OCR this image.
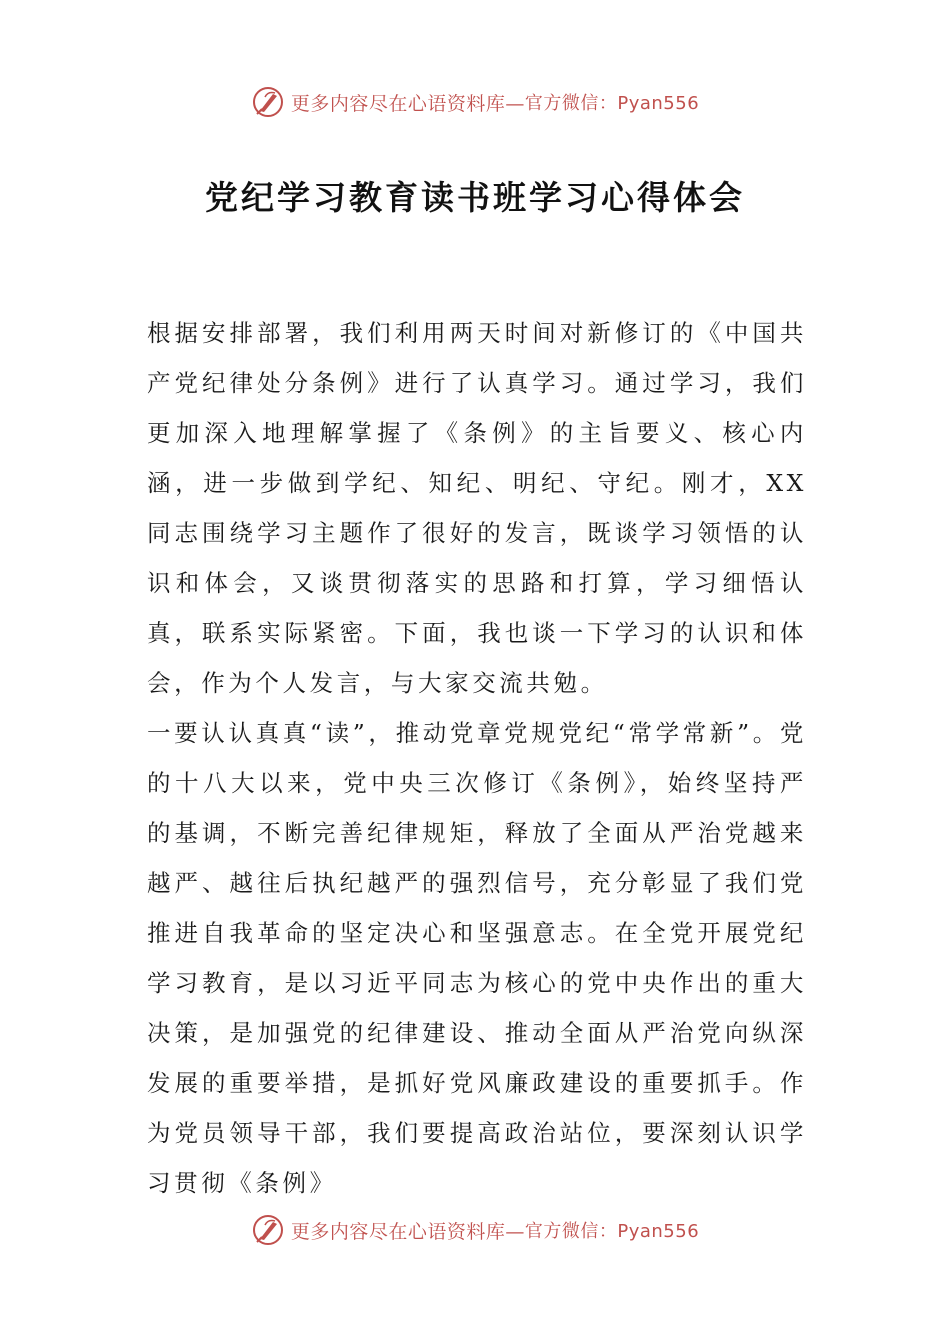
更多内容尽在心语资料库— 官方微信：Pyan556
党纪学习教育读书班学习心得体会

根据安排部署，我们利用两天时间对新修订的《中国共产党纪律处分条例》进行了认真学习。通过学习，我们更加深入地理解掌握了《条例》的主旨要义、核心内涵，进一步做到学纪、知纪、明纪、守纪。刚才，XX同志围绕学习主题作了很好的发言，既谈学习领悟的认识和体会，又谈贯彻落实的思路和打算，学习细悟认真，联系实际紧密。下面，我也谈一下学习的认识和体会，作为个人发言，与大家交流共勉。

一要认认真真“读”，推动党章党规党纪“常学常新”。党的十八大以来，党中央三次修订《条例》，始终坚持严的基调，不断完善纪律规矩，释放了全面从严治党越来越严、越往后执纪越严的强烈信号，充分彰显了我们党推进自我革命的坚定决心和坚强意志。在全党开展党纪学习教育，是以习近平同志为核心的党中央作出的重大决策，是加强党的纪律建设、推动全面从严治党向纵深发展的重要举措，是抓好党风廉政建设的重要抓手。作为党员领导干部，我们要提高政治站位，要深刻认识学习贯彻《条例》

更多内容尽在心语资料库— 官方微信：Pyan556
